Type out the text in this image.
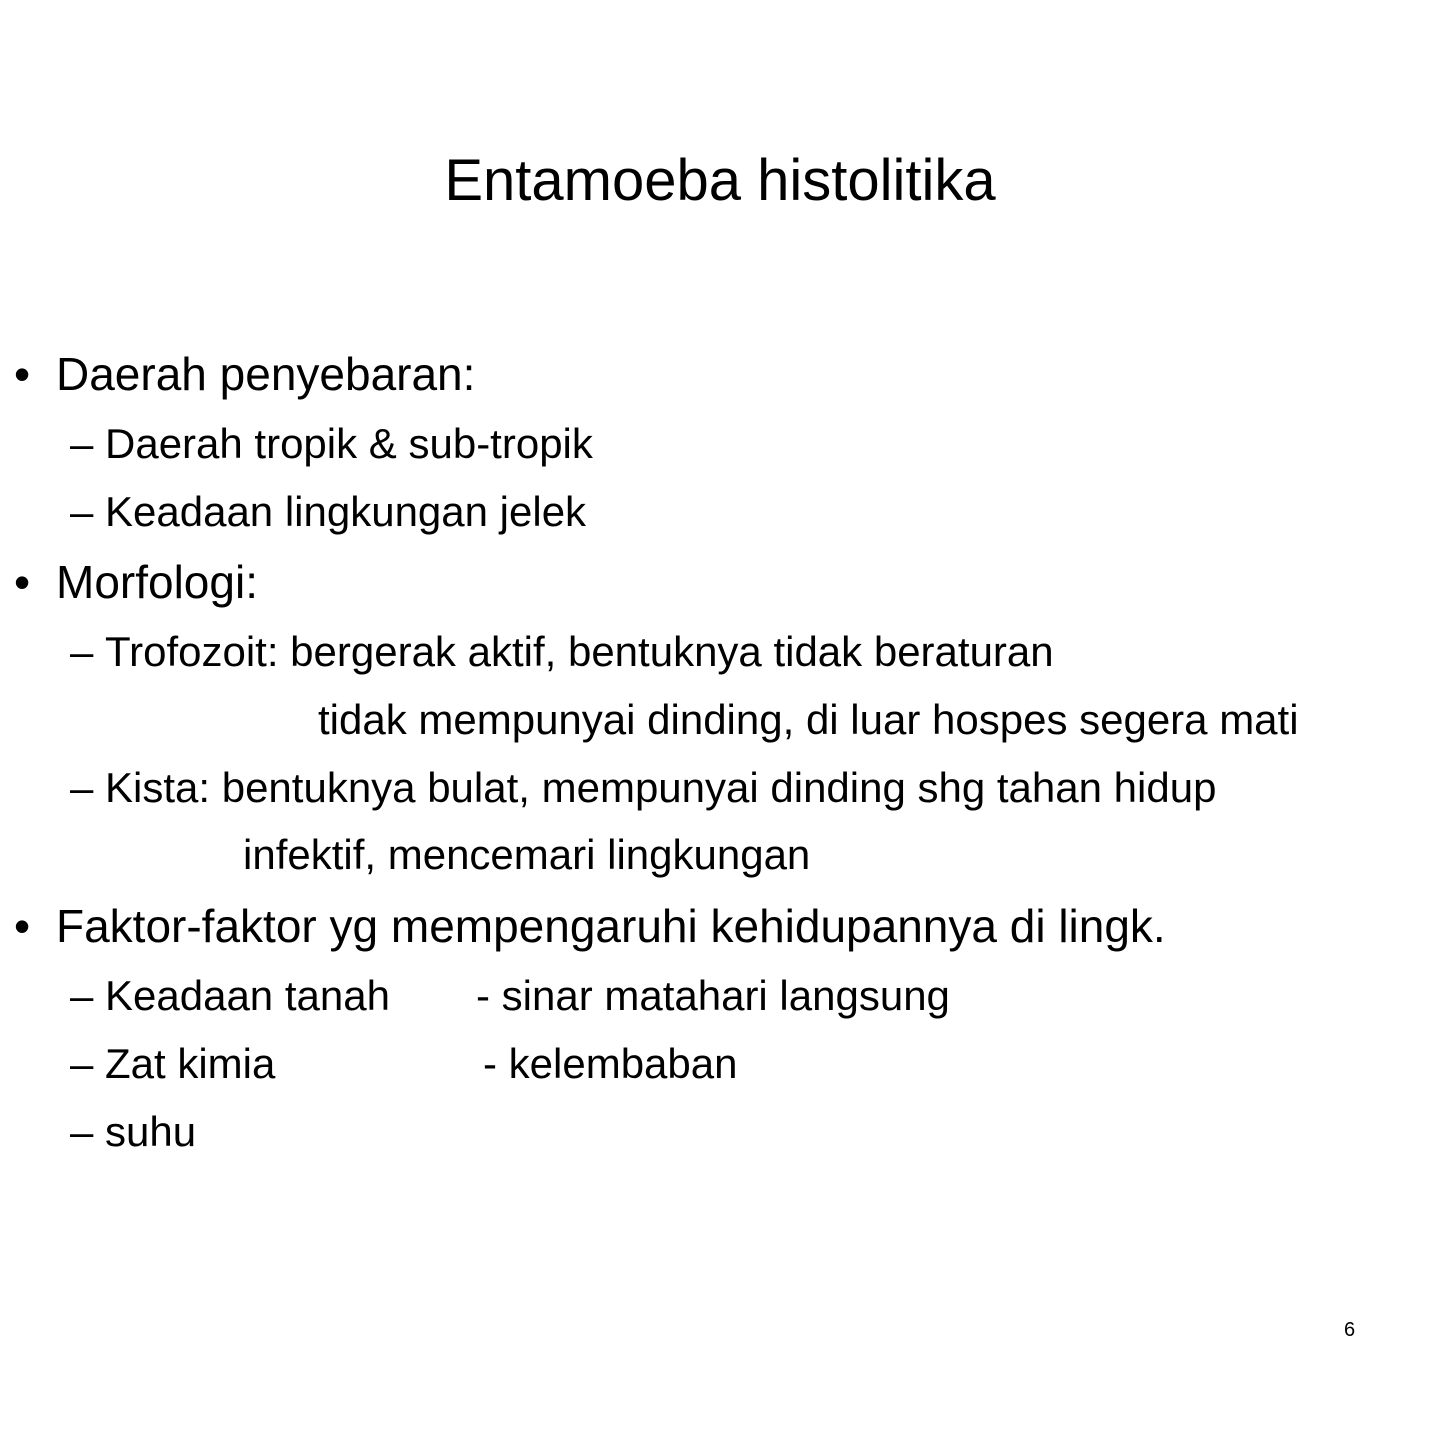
Entamoeba histolitika
• Daerah penyebaran:
– Daerah tropik & sub-tropik
– Keadaan lingkungan jelek
• Morfologi:
– Trofozoit: bergerak aktif, bentuknya tidak beraturan
tidak mempunyai dinding, di luar hospes segera mati
– Kista: bentuknya bulat, mempunyai dinding shg tahan hidup
infektif, mencemari lingkungan
• Faktor-faktor yg mempengaruhi kehidupannya di lingk.
– Keadaan tanah - sinar matahari langsung
– Zat kimia	- kelembaban
– suhu
6
